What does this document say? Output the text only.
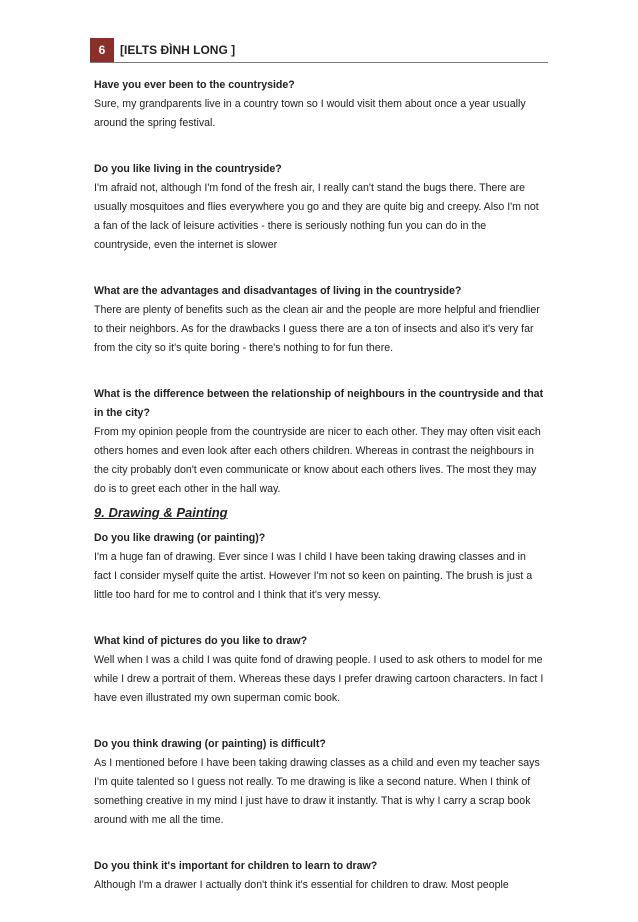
6	[IELTS ĐÌNH LONG ]
Have you ever been to the countryside?
Sure, my grandparents live in a country town so I would visit them about once a year usually around the spring festival.
Do you like living in the countryside?
I'm afraid not, although I'm fond of the fresh air, I really can't stand the bugs there. There are usually mosquitoes and flies everywhere you go and they are quite big and creepy. Also I'm not a fan of the lack of leisure activities - there is seriously nothing fun you can do in the countryside, even the internet is slower
What are the advantages and disadvantages of living in the countryside?
There are plenty of benefits such as the clean air and the people are more helpful and friendlier to their neighbors. As for the drawbacks I guess there are a ton of insects and also it's very far from the city so it's quite boring - there's nothing to for fun there.
What is the difference between the relationship of neighbours in the countryside and that in the city?
From my opinion people from the countryside are nicer to each other. They may often visit each others homes and even look after each others children. Whereas in contrast the neighbours in the city probably don't even communicate or know about each others lives. The most they may do is to greet each other in the hall way.
9. Drawing & Painting
Do you like drawing (or painting)?
I'm a huge fan of drawing. Ever since I was I child I have been taking drawing classes and in fact I consider myself quite the artist. However I'm not so keen on painting. The brush is just a little too hard for me to control and I think that it's very messy.
What kind of pictures do you like to draw?
Well when I was a child I was quite fond of drawing people. I used to ask others to model for me while I drew a portrait of them. Whereas these days I prefer drawing cartoon characters. In fact I have even illustrated my own superman comic book.
Do you think drawing (or painting) is difficult?
As I mentioned before I have been taking drawing classes as a child and even my teacher says I'm quite talented so I guess not really. To me drawing is like a second nature. When I think of something creative in my mind I just have to draw it instantly. That is why I carry a scrap book around with me all the time.
Do you think it's important for children to learn to draw?
Although I'm a drawer I actually don't think it's essential for children to draw. Most people
